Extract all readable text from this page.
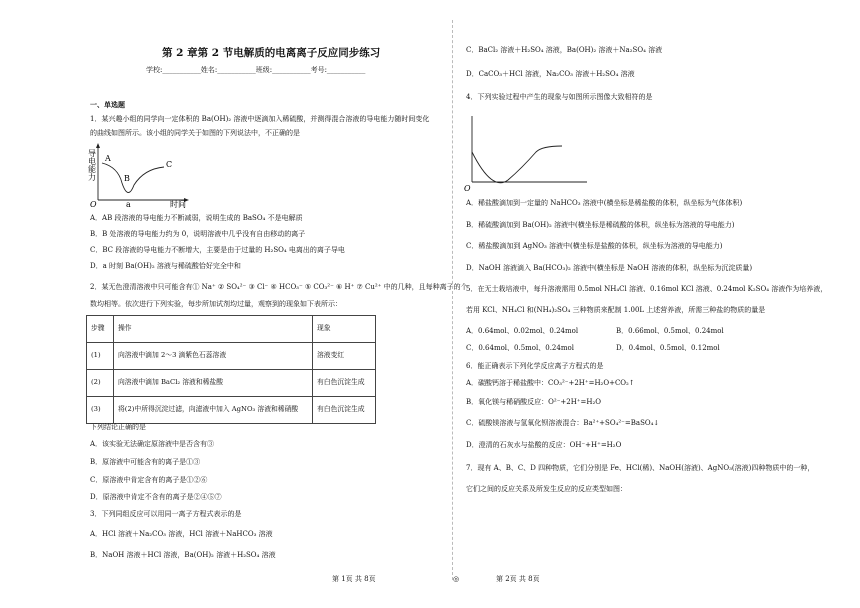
第 2 章第 2 节电解质的电离离子反应同步练习
学校:___________姓名:___________班级:___________考号:___________
一、单选题
1．某兴趣小组的同学向一定体积的 Ba(OH)₂ 溶液中逐滴加入稀硫酸，并测得混合溶液的导电能力随时间变化
的曲线如图所示。该小组的同学关于如图的下列说法中，不正确的是
导电能力 A
B
C
a
O	时间
A．AB 段溶液的导电能力不断减弱，说明生成的 BaSO₄ 不是电解质
B．B 处溶液的导电能力约为 0，说明溶液中几乎没有自由移动的离子
C．BC 段溶液的导电能力不断增大，主要是由于过量的 H₂SO₄ 电离出的离子导电
D．a 时刻 Ba(OH)₂ 溶液与稀硫酸恰好完全中和
2．某无色澄清溶液中只可能含有① Na⁺ ② SO₄²⁻ ③ Cl⁻ ④ HCO₃⁻ ⑤ CO₃²⁻ ⑥ H⁺ ⑦ Cu²⁺ 中的几种，且每种离子的个
数均相等。依次进行下列实验，每步所加试剂均过量，观察到的现象如下表所示：
步骤	操作	现象
(1)	向溶液中滴加 2～3 滴紫色石蕊溶液	溶液变红
(2)	向溶液中滴加 BaCl₂ 溶液和稀盐酸	有白色沉淀生成
(3)	将(2)中所得沉淀过滤，向滤液中加入 AgNO₃ 溶液和稀硝酸	有白色沉淀生成
下列结论正确的是
A．该实验无法确定原溶液中是否含有③
B．原溶液中可能含有的离子是①③
C．原溶液中肯定含有的离子是①②⑥
D．原溶液中肯定不含有的离子是②④⑤⑦
3．下列同组反应可以用同一离子方程式表示的是
A．HCl 溶液＋Na₂CO₃ 溶液，HCl 溶液＋NaHCO₃ 溶液
B．NaOH 溶液＋HCl 溶液，Ba(OH)₂ 溶液＋H₂SO₄ 溶液
第 1页 共 8页	◎
C．BaCl₂ 溶液＋H₂SO₄ 溶液，Ba(OH)₂ 溶液＋Na₂SO₄ 溶液
D．CaCO₃＋HCl 溶液，Na₂CO₃ 溶液＋H₂SO₄ 溶液
4．下列实验过程中产生的现象与如图所示图像大致相符的是
O
A．稀盐酸滴加到一定量的 NaHCO₃ 溶液中(横坐标是稀盐酸的体积，纵坐标为气体体积)
B．稀硫酸滴加到 Ba(OH)₂ 溶液中(横坐标是稀硫酸的体积，纵坐标为溶液的导电能力)
C．稀盐酸滴加到 AgNO₃ 溶液中(横坐标是盐酸的体积，纵坐标为溶液的导电能力)
D．NaOH 溶液滴入 Ba(HCO₃)₂ 溶液中(横坐标是 NaOH 溶液的体积，纵坐标为沉淀质量)
5．在无土栽培液中，每升溶液需用 0.5mol NH₄Cl 溶液、0.16mol KCl 溶液、0.24mol K₂SO₄ 溶液作为培养液，
若用 KCl、NH₄Cl 和(NH₄)₂SO₄ 三种物质来配制 1.00L 上述营养液，所需三种盐的物质的量是
A．0.64mol、0.02mol、0.24mol	B．0.66mol、0.5mol、0.24mol
C．0.64mol、0.5mol、0.24mol	D．0.4mol、0.5mol、0.12mol
6．能正确表示下列化学反应离子方程式的是
A．碳酸钙溶于稀盐酸中：CO₃²⁻+2H⁺=H₂O+CO₂↑
B．氧化镁与稀硝酸反应：O²⁻+2H⁺=H₂O
C．硫酸镁溶液与氢氧化钡溶液混合：Ba²⁺+SO₄²⁻=BaSO₄↓
D．澄清的石灰水与盐酸的反应：OH⁻+H⁺=H₂O
7．现有 A、B、C、D 四种物质，它们分别是 Fe、HCl(稀)、NaOH(溶液)、AgNO₃(溶液)四种物质中的一种，
它们之间的反应关系及所发生反应的反应类型如图：
第 2页 共 8页
